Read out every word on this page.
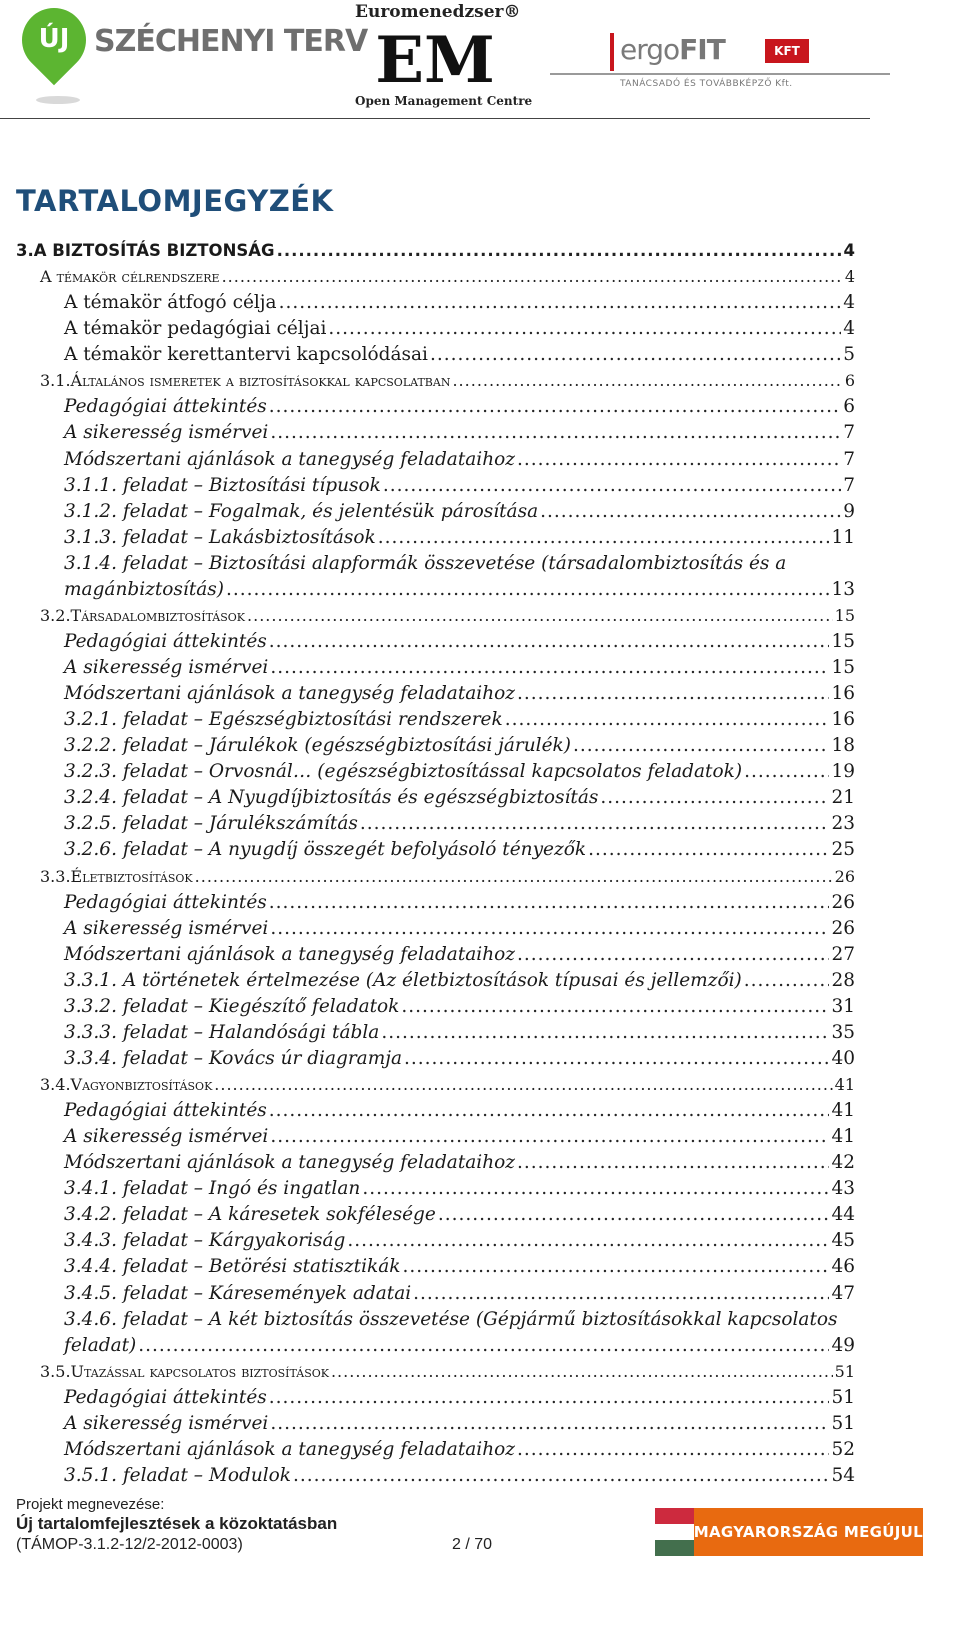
ÚJ SZÉCHENYI TERV
Euromenedzser®
EM
Open Management Centre
ergoFIT	KFT
TANÁCSADÓ ÉS TOVÁBBKÉPZŐ Kft.
TARTALOMJEGYZÉK
3. A BIZTOSÍTÁS BIZTONSÁG .....	4
A témakör célrendszere .....	4
A témakör átfogó célja .....	4
A témakör pedagógiai céljai .....	4
A témakör kerettantervi kapcsolódásai .....	5
3.1. Általános ismeretek a biztosításokkal kapcsolatban .....	6
Pedagógiai áttekintés .....	6
A sikeresség ismérvei .....	7
Módszertani ajánlások a tanegység feladataihoz .....	7
3.1.1. feladat – Biztosítási típusok .....	7
3.1.2. feladat – Fogalmak, és jelentésük párosítása .....	9
3.1.3. feladat – Lakásbiztosítások .....	11
3.1.4. feladat – Biztosítási alapformák összevetése (társadalombiztosítás és a
magánbiztosítás) .....	13
3.2. Társadalombiztosítások .....	15
Pedagógiai áttekintés .....	15
A sikeresség ismérvei .....	15
Módszertani ajánlások a tanegység feladataihoz .....	16
3.2.1. feladat – Egészségbiztosítási rendszerek .....	16
3.2.2. feladat – Járulékok (egészségbiztosítási járulék) .....	18
3.2.3. feladat – Orvosnál… (egészségbiztosítással kapcsolatos feladatok) .....	19
3.2.4. feladat – A Nyugdíjbiztosítás és egészségbiztosítás .....	21
3.2.5. feladat – Járulékszámítás .....	23
3.2.6. feladat – A nyugdíj összegét befolyásoló tényezők .....	25
3.3. Életbiztosítások .....	26
Pedagógiai áttekintés .....	26
A sikeresség ismérvei .....	26
Módszertani ajánlások a tanegység feladataihoz .....	27
3.3.1. A történetek értelmezése (Az életbiztosítások típusai és jellemzői) .....	28
3.3.2. feladat – Kiegészítő feladatok .....	31
3.3.3. feladat – Halandósági tábla .....	35
3.3.4. feladat – Kovács úr diagramja .....	40
3.4. Vagyonbiztosítások .....	41
Pedagógiai áttekintés .....	41
A sikeresség ismérvei .....	41
Módszertani ajánlások a tanegység feladataihoz .....	42
3.4.1. feladat – Ingó és ingatlan .....	43
3.4.2. feladat – A káresetek sokfélesége .....	44
3.4.3. feladat – Kárgyakoriság .....	45
3.4.4. feladat – Betörési statisztikák .....	46
3.4.5. feladat – Káresemények adatai .....	47
3.4.6. feladat – A két biztosítás összevetése (Gépjármű biztosításokkal kapcsolatos
feladat) .....	49
3.5. Utazással kapcsolatos biztosítások .....	51
Pedagógiai áttekintés .....	51
A sikeresség ismérvei .....	51
Módszertani ajánlások a tanegység feladataihoz .....	52
3.5.1. feladat – Modulok .....	54
Projekt megnevezése:
Új tartalomfejlesztések a közoktatásban
(TÁMOP-3.1.2-12/2-2012-0003)	2 / 70
MAGYARORSZÁG MEGÚJUL
